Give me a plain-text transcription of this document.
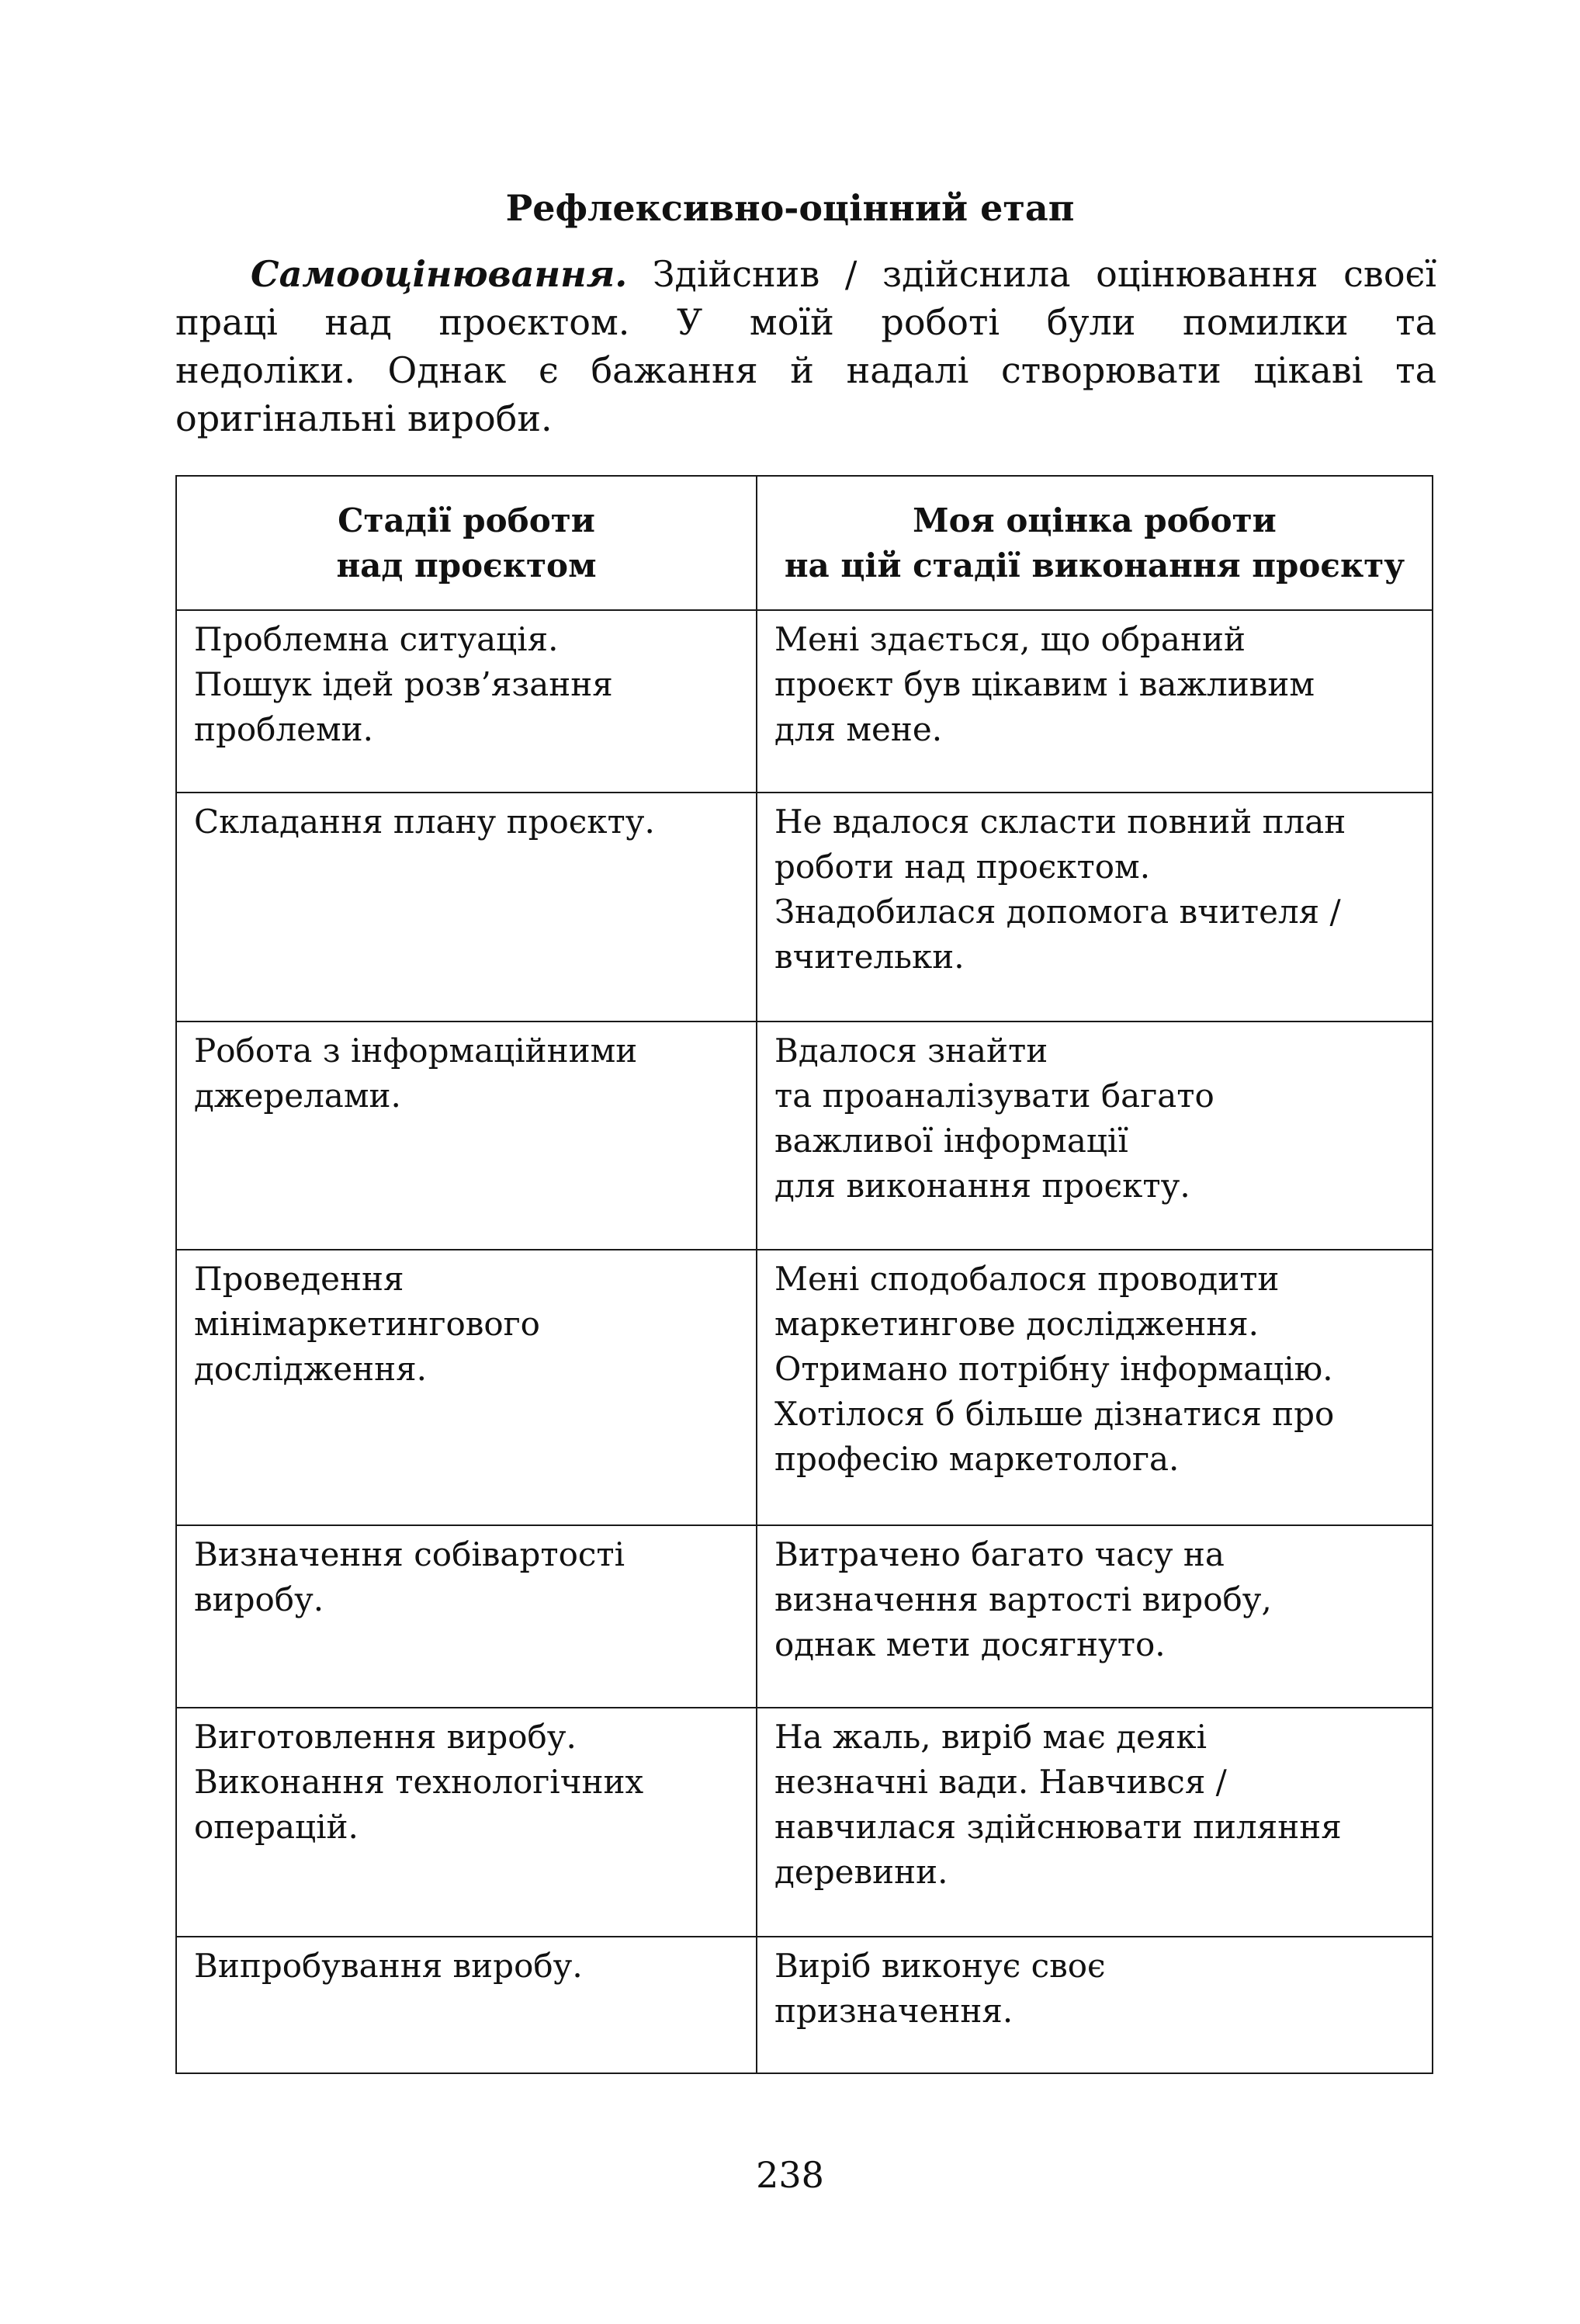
Рефлексивно-оцінний етап
Самооцінювання. Здійснив / здійснила оцінювання своєї
праці над проєктом. У моїй роботі були помилки та
недоліки. Однак є бажання й надалі створювати цікаві та
оригінальні вироби.
Стадії роботи
над проєктом	Моя оцінка роботи
на цій стадії виконання проєкту

Проблемна ситуація.
Пошук ідей розв’язання
проблеми.	Мені здається, що обраний
проєкт був цікавим і важливим
для мене.

Складання плану проєкту.	Не вдалося скласти повний план
роботи над проєктом.
Знадобилася допомога вчителя /
вчительки.

Робота з інформаційними
джерелами.	Вдалося знайти
та проаналізувати багато
важливої інформації
для виконання проєкту.

Проведення
мінімаркетингового
дослідження.	Мені сподобалося проводити
маркетингове дослідження.
Отримано потрібну інформацію.
Хотілося б більше дізнатися про
професію маркетолога.

Визначення собівартості
виробу.	Витрачено багато часу на
визначення вартості виробу,
однак мети досягнуто.

Виготовлення виробу.
Виконання технологічних
операцій.	На жаль, виріб має деякі
незначні вади. Навчився /
навчилася здійснювати пиляння
деревини.

Випробування виробу.	Виріб виконує своє
призначення.
238
